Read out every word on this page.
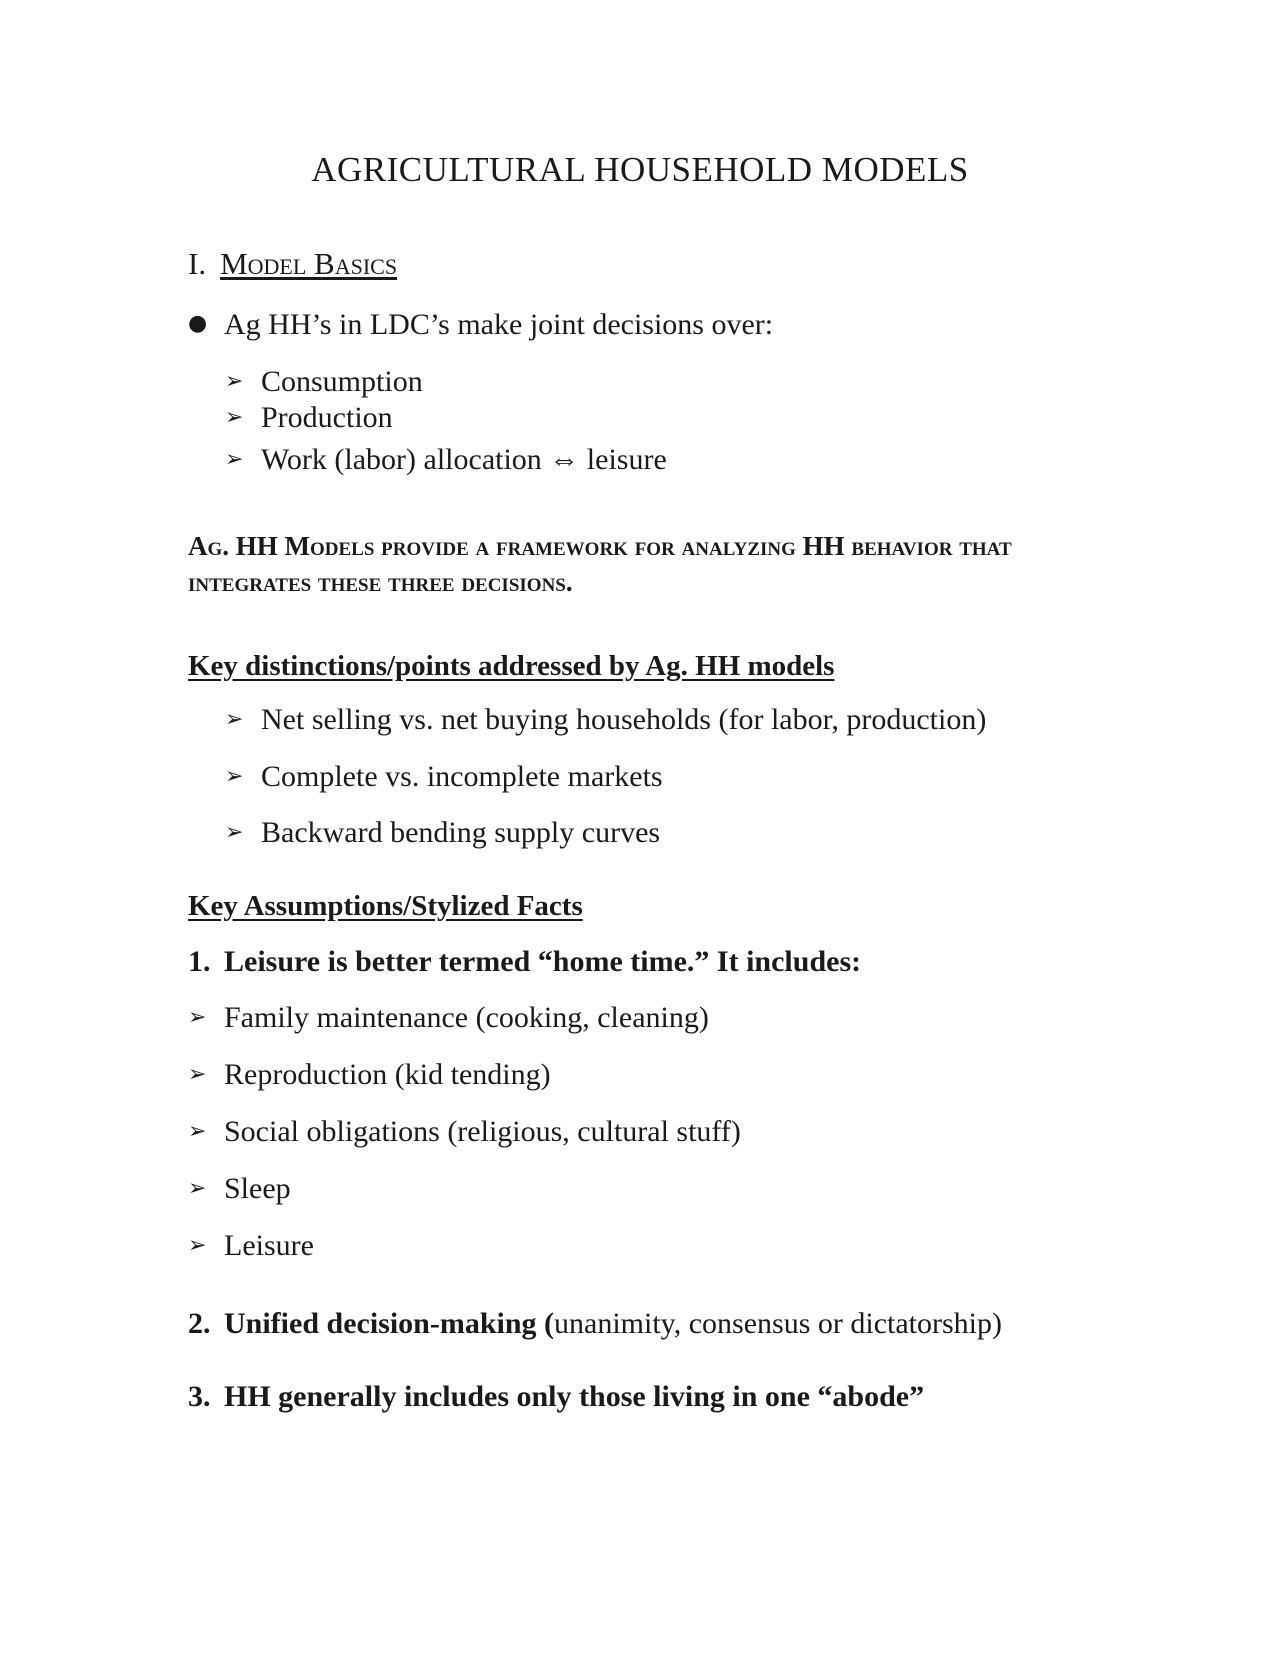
AGRICULTURAL HOUSEHOLD MODELS
I. Model Basics
● Ag HH’s in LDC’s make joint decisions over:
➢ Consumption
➢ Production
➢ Work (labor) allocation ⇔ leisure

Ag. HH Models provide a framework for analyzing HH behavior that integrates these three decisions.

Key distinctions/points addressed by Ag. HH models
➢ Net selling vs. net buying households (for labor, production)
➢ Complete vs. incomplete markets
➢ Backward bending supply curves
Key Assumptions/Stylized Facts
1. Leisure is better termed “home time.” It includes:
➢ Family maintenance (cooking, cleaning)
➢ Reproduction (kid tending)
➢ Social obligations (religious, cultural stuff)
➢ Sleep
➢ Leisure
2. Unified decision-making (unanimity, consensus or dictatorship)
3. HH generally includes only those living in one “abode”
